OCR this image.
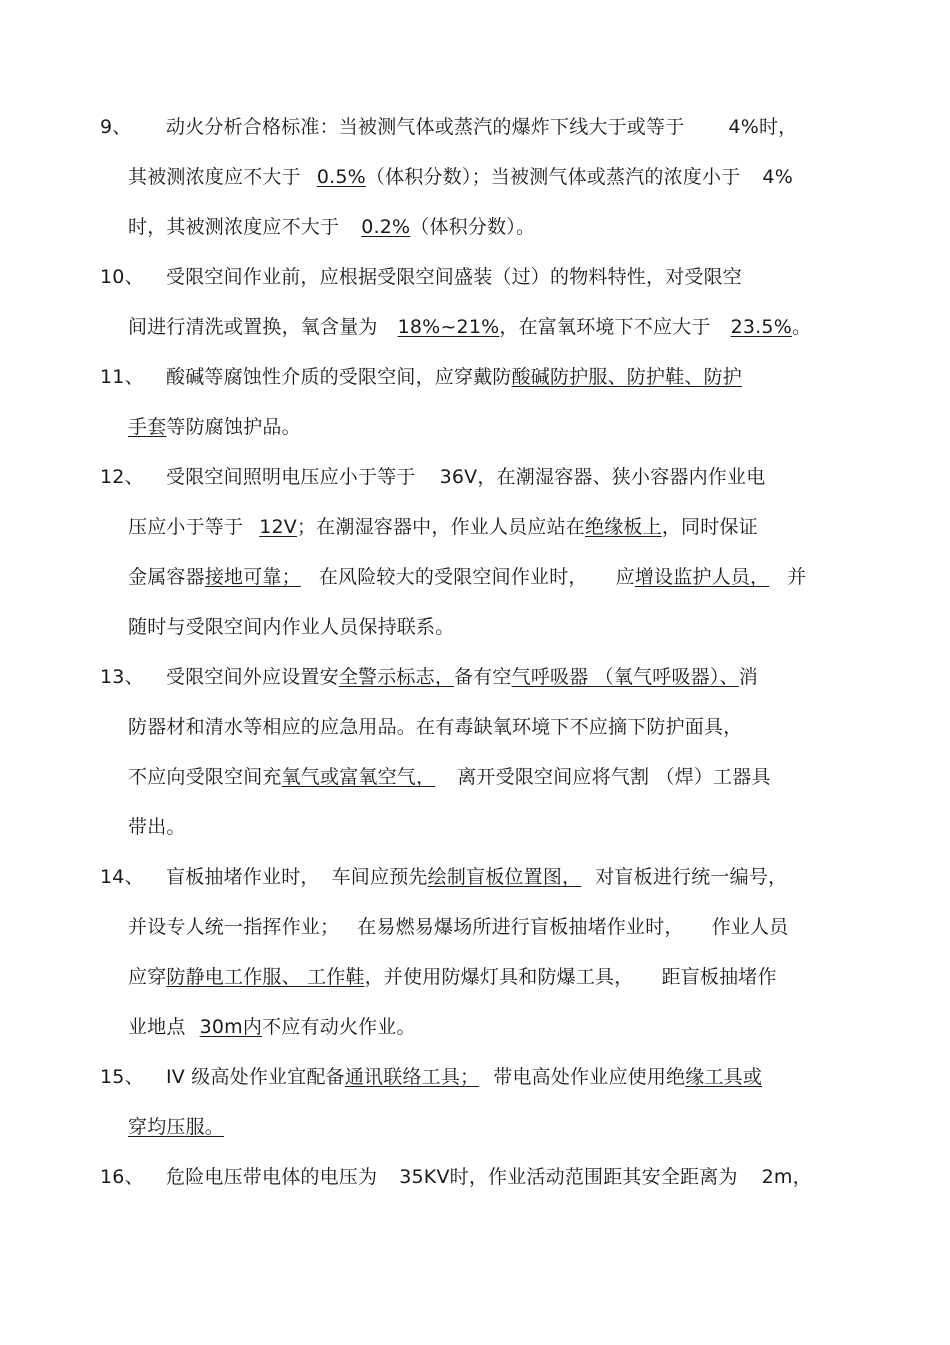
9、 动火分析合格标准：当被测气体或蒸汽的爆炸下线大于或等于 4%时，
其被测浓度应不大于 0.5%（体积分数）；当被测气体或蒸汽的浓度小于 4%
时，其被测浓度应不大于 0.2%（体积分数）。
10、 受限空间作业前，应根据受限空间盛装（过）的物料特性，对受限空
间进行清洗或置换，氧含量为 18%~21%，在富氧环境下不应大于 23.5%。
11、 酸碱等腐蚀性介质的受限空间，应穿戴防酸碱防护服、防护鞋、防护
手套等防腐蚀护品。
12、 受限空间照明电压应小于等于 36V，在潮湿容器、狭小容器内作业电
压应小于等于 12V；在潮湿容器中，作业人员应站在绝缘板上，同时保证
金属容器接地可靠； 在风险较大的受限空间作业时， 应增设监护人员， 并
随时与受限空间内作业人员保持联系。
13、 受限空间外应设置安全警示标志，备有空气呼吸器 （氧气呼吸器）、消
防器材和清水等相应的应急用品。在有毒缺氧环境下不应摘下防护面具，
不应向受限空间充氧气或富氧空气， 离开受限空间应将气割 （焊）工器具
带出。
14、 盲板抽堵作业时， 车间应预先绘制盲板位置图， 对盲板进行统一编号，
并设专人统一指挥作业； 在易燃易爆场所进行盲板抽堵作业时， 作业人员
应穿防静电工作服、 工作鞋，并使用防爆灯具和防爆工具， 距盲板抽堵作
业地点 30m内不应有动火作业。
15、 IV 级高处作业宜配备通讯联络工具； 带电高处作业应使用绝缘工具或
穿均压服。
16、 危险电压带电体的电压为 35KV时，作业活动范围距其安全距离为 2m，
